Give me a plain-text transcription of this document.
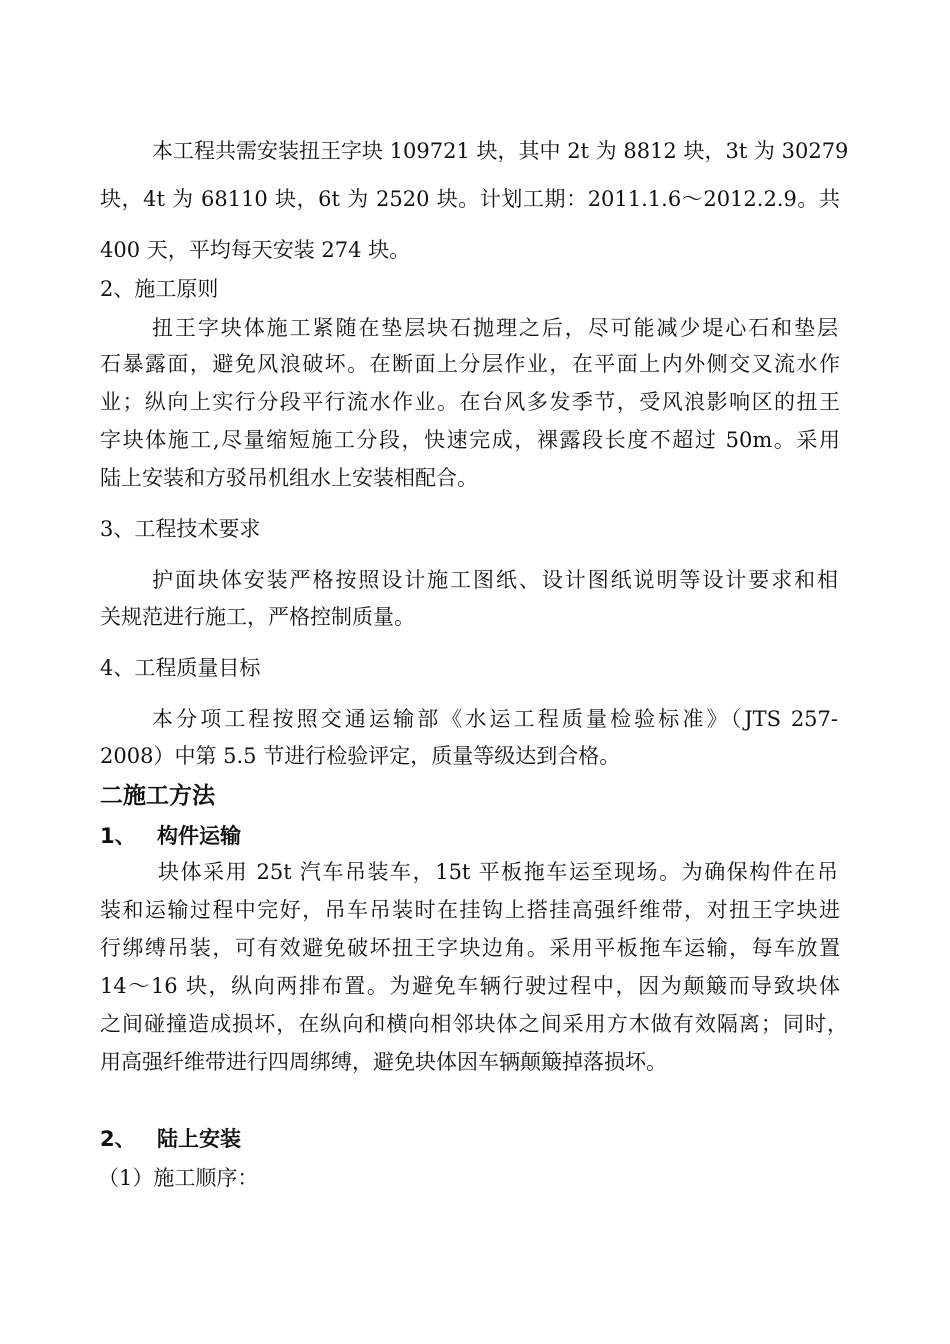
本工程共需安装扭王字块 109721 块，其中 2t 为 8812 块，3t 为 30279
块，4t 为 68110 块，6t 为 2520 块。计划工期：2011.1.6～2012.2.9。共
400 天，平均每天安装 274 块。
2、施工原则
扭王字块体施工紧随在垫层块石抛理之后，尽可能减少堤心石和垫层
石暴露面，避免风浪破坏。在断面上分层作业，在平面上内外侧交叉流水作
业；纵向上实行分段平行流水作业。在台风多发季节，受风浪影响区的扭王
字块体施工,尽量缩短施工分段，快速完成，裸露段长度不超过 50m。采用
陆上安装和方驳吊机组水上安装相配合。
3、工程技术要求
护面块体安装严格按照设计施工图纸、设计图纸说明等设计要求和相
关规范进行施工，严格控制质量。
4、工程质量目标
本分项工程按照交通运输部《水运工程质量检验标准》（JTS 257-
2008）中第 5.5 节进行检验评定，质量等级达到合格。
二施工方法
1、 构件运输
块体采用 25t 汽车吊装车，15t 平板拖车运至现场。为确保构件在吊
装和运输过程中完好，吊车吊装时在挂钩上搭挂高强纤维带，对扭王字块进
行绑缚吊装，可有效避免破坏扭王字块边角。采用平板拖车运输，每车放置
14～16 块，纵向两排布置。为避免车辆行驶过程中，因为颠簸而导致块体
之间碰撞造成损坏，在纵向和横向相邻块体之间采用方木做有效隔离；同时，
用高强纤维带进行四周绑缚，避免块体因车辆颠簸掉落损坏。
2、 陆上安装
（1）施工顺序：
